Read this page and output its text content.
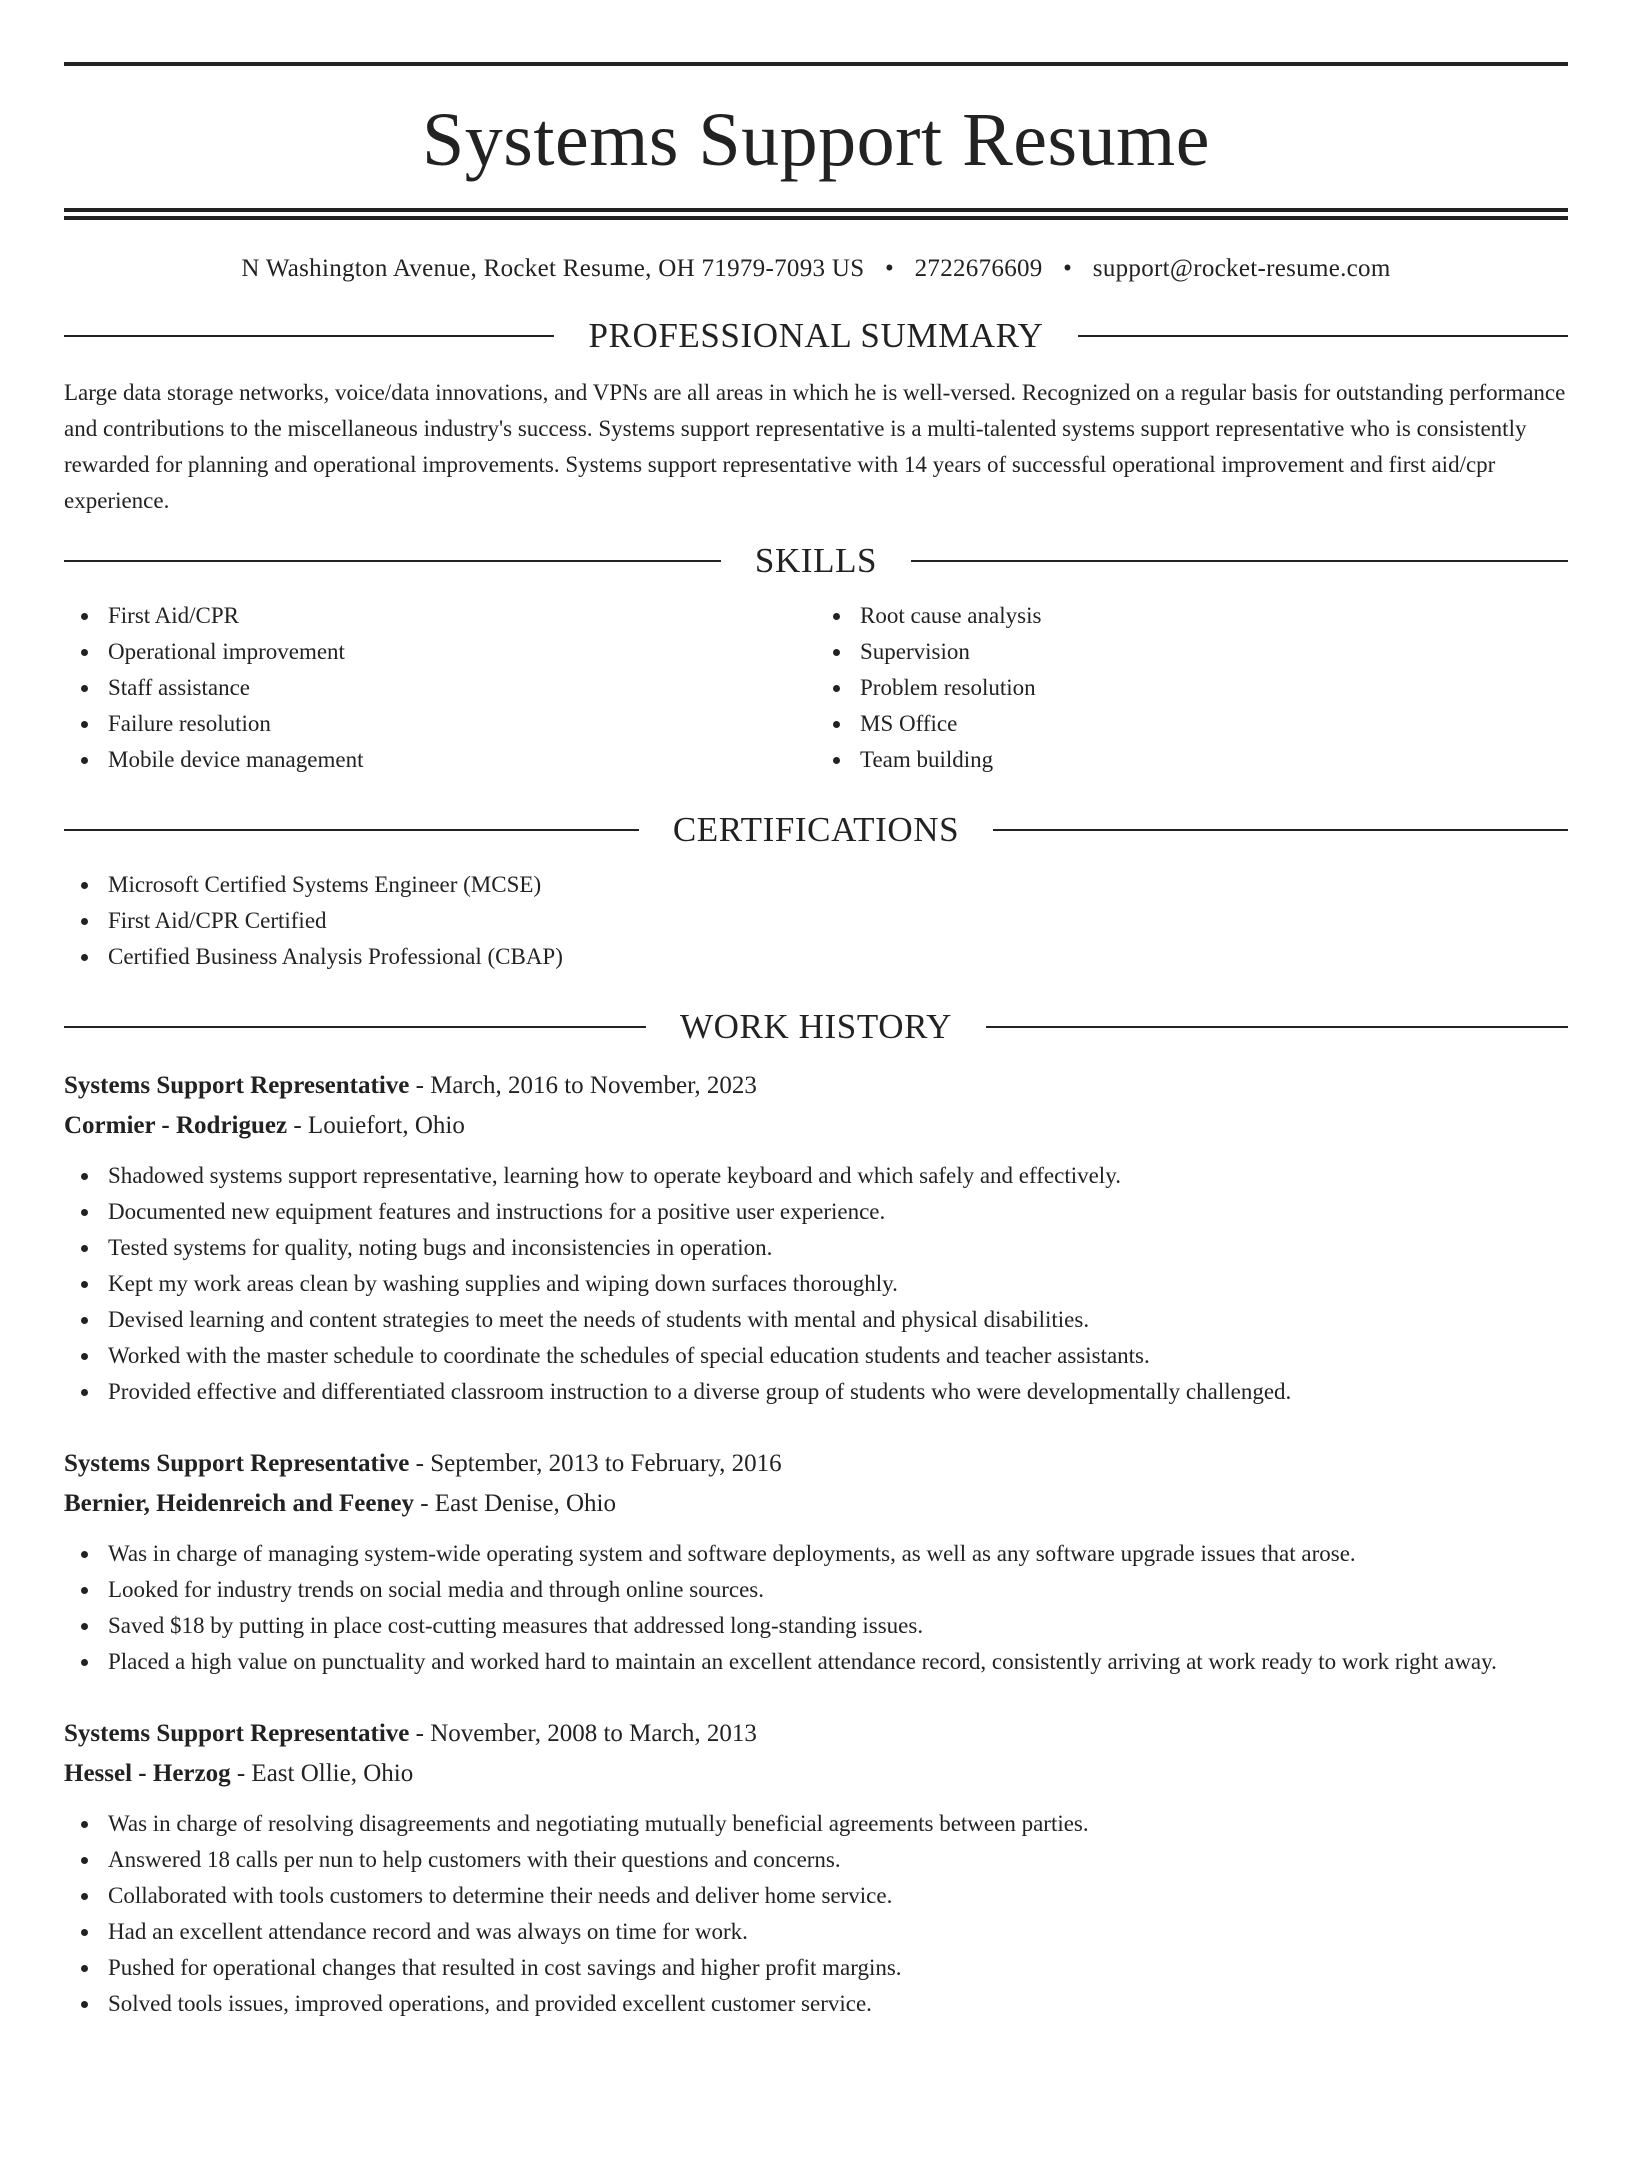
Systems Support Resume
N Washington Avenue, Rocket Resume, OH 71979-7093 US • 2722676609 • support@rocket-resume.com
PROFESSIONAL SUMMARY

Large data storage networks, voice/data innovations, and VPNs are all areas in which he is well-versed. Recognized on a regular basis for outstanding performance and contributions to the miscellaneous industry's success. Systems support representative is a multi-talented systems support representative who is consistently rewarded for planning and operational improvements. Systems support representative with 14 years of successful operational improvement and first aid/cpr experience.

SKILLS
First Aid/CPR
Operational improvement
Staff assistance
Failure resolution
Mobile device management
Root cause analysis
Supervision
Problem resolution
MS Office
Team building
CERTIFICATIONS
Microsoft Certified Systems Engineer (MCSE)
First Aid/CPR Certified
Certified Business Analysis Professional (CBAP)
WORK HISTORY
Systems Support Representative - March, 2016 to November, 2023
Cormier - Rodriguez - Louiefort, Ohio
Shadowed systems support representative, learning how to operate keyboard and which safely and effectively.
Documented new equipment features and instructions for a positive user experience.
Tested systems for quality, noting bugs and inconsistencies in operation.
Kept my work areas clean by washing supplies and wiping down surfaces thoroughly.
Devised learning and content strategies to meet the needs of students with mental and physical disabilities.
Worked with the master schedule to coordinate the schedules of special education students and teacher assistants.
Provided effective and differentiated classroom instruction to a diverse group of students who were developmentally challenged.
Systems Support Representative - September, 2013 to February, 2016
Bernier, Heidenreich and Feeney - East Denise, Ohio
Was in charge of managing system-wide operating system and software deployments, as well as any software upgrade issues that arose.
Looked for industry trends on social media and through online sources.
Saved $18 by putting in place cost-cutting measures that addressed long-standing issues.
Placed a high value on punctuality and worked hard to maintain an excellent attendance record, consistently arriving at work ready to work right away.
Systems Support Representative - November, 2008 to March, 2013
Hessel - Herzog - East Ollie, Ohio
Was in charge of resolving disagreements and negotiating mutually beneficial agreements between parties.
Answered 18 calls per nun to help customers with their questions and concerns.
Collaborated with tools customers to determine their needs and deliver home service.
Had an excellent attendance record and was always on time for work.
Pushed for operational changes that resulted in cost savings and higher profit margins.
Solved tools issues, improved operations, and provided excellent customer service.
